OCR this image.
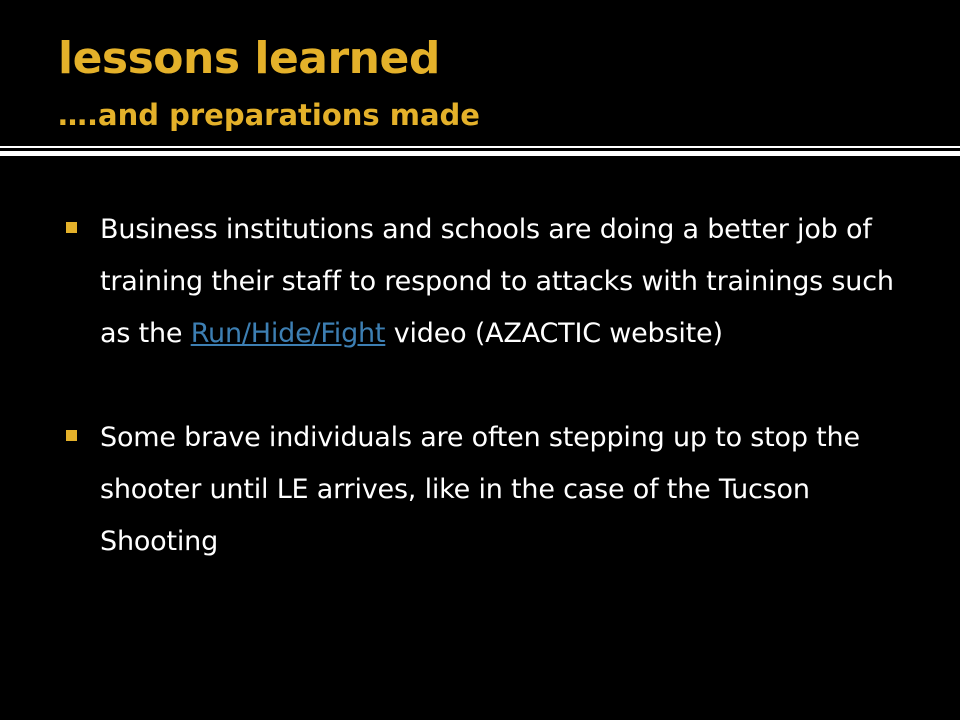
lessons learned
….and preparations made
Business institutions and schools are doing a better job of training their staff to respond to attacks with trainings such as the Run/Hide/Fight video (AZACTIC website)
Some brave individuals are often stepping up to stop the shooter until LE arrives, like in the case of the Tucson Shooting
